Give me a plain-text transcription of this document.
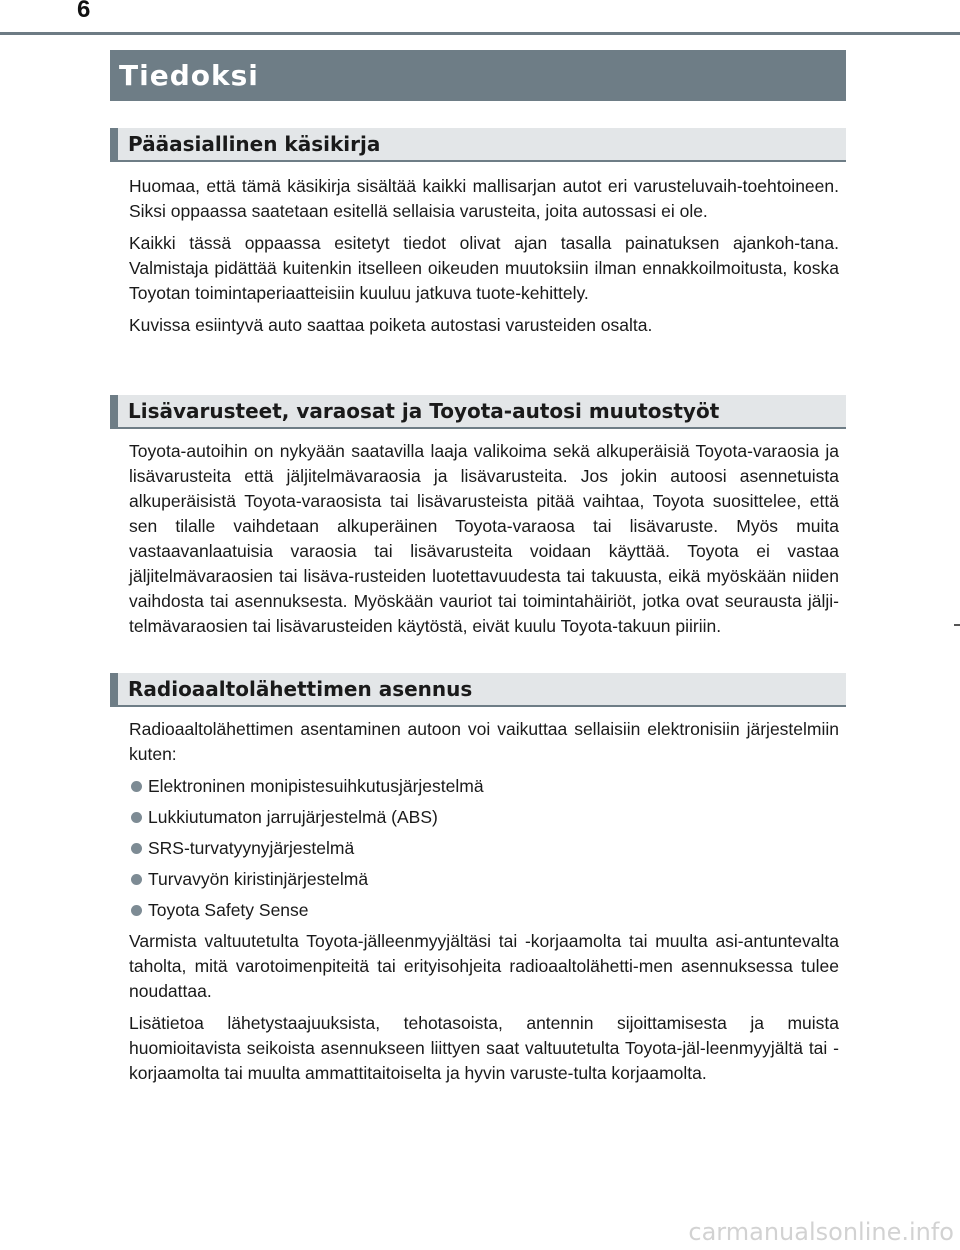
6
Tiedoksi
Pääasiallinen käsikirja

Huomaa, että tämä käsikirja sisältää kaikki mallisarjan autot eri varusteluvaih-toehtoineen. Siksi oppaassa saatetaan esitellä sellaisia varusteita, joita autossasi ei ole.

Kaikki tässä oppaassa esitetyt tiedot olivat ajan tasalla painatuksen ajankoh-tana. Valmistaja pidättää kuitenkin itselleen oikeuden muutoksiin ilman ennakkoilmoitusta, koska Toyotan toimintaperiaatteisiin kuuluu jatkuva tuote-kehittely.

Kuvissa esiintyvä auto saattaa poiketa autostasi varusteiden osalta.

Lisävarusteet, varaosat ja Toyota-autosi muutostyöt

Toyota-autoihin on nykyään saatavilla laaja valikoima sekä alkuperäisiä Toyota-varaosia ja lisävarusteita että jäljitelmävaraosia ja lisävarusteita. Jos jokin autoosi asennetuista alkuperäisistä Toyota-varaosista tai lisävarusteista pitää vaihtaa, Toyota suosittelee, että sen tilalle vaihdetaan alkuperäinen Toyota-varaosa tai lisävaruste. Myös muita vastaavanlaatuisia varaosia tai lisävarusteita voidaan käyttää. Toyota ei vastaa jäljitelmävaraosien tai lisäva-rusteiden luotettavuudesta tai takuusta, eikä myöskään niiden vaihdosta tai asennuksesta. Myöskään vauriot tai toimintahäiriöt, jotka ovat seurausta jälji-telmävaraosien tai lisävarusteiden käytöstä, eivät kuulu Toyota-takuun piiriin.

Radioaaltolähettimen asennus

Radioaaltolähettimen asentaminen autoon voi vaikuttaa sellaisiin elektronisiin järjestelmiin kuten:

Elektroninen monipistesuihkutusjärjestelmä
Lukkiutumaton jarrujärjestelmä (ABS)
SRS-turvatyynyjärjestelmä
Turvavyön kiristinjärjestelmä
Toyota Safety Sense

Varmista valtuutetulta Toyota-jälleenmyyjältäsi tai -korjaamolta tai muulta asi-antuntevalta taholta, mitä varotoimenpiteitä tai erityisohjeita radioaaltolähetti-men asennuksessa tulee noudattaa.

Lisätietoa lähetystaajuuksista, tehotasoista, antennin sijoittamisesta ja muista huomioitavista seikoista asennukseen liittyen saat valtuutetulta Toyota-jäl-leenmyyjältä tai -korjaamolta tai muulta ammattitaitoiselta ja hyvin varuste-tulta korjaamolta.

carmanualsonline.info
